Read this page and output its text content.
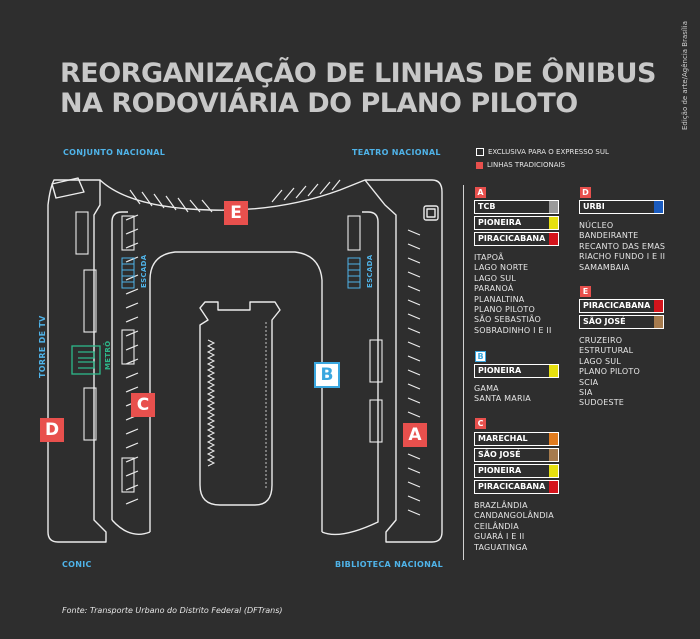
REORGANIZAÇÃO DE LINHAS DE ÔNIBUS
NA RODOVIÁRIA DO PLANO PILOTO	Edição de arte/Agência Brasília
CONJUNTO NACIONAL	TEATRO NACIONAL
TORRE DE TV
CONIC	BIBLIOTECA NACIONAL
ESCADA	ESCADA
METRÔ
A
B
C
D
E
EXCLUSIVA PARA O EXPRESSO SUL
LINHAS TRADICIONAIS
A
TCB
PIONEIRA
PIRACICABANA
ITAPOÃ
LAGO NORTE
LAGO SUL
PARANOÁ
PLANALTINA
PLANO PILOTO
SÃO SEBASTIÃO
SOBRADINHO I E II
B
PIONEIRA
GAMA
SANTA MARIA
C
MARECHAL
SÃO JOSÉ
PIONEIRA
PIRACICABANA
BRAZLÂNDIA
CANDANGOLÂNDIA
CEILÂNDIA
GUARÁ I E II
TAGUATINGA
D
URBI
NÚCLEO
BANDEIRANTE
RECANTO DAS EMAS
RIACHO FUNDO I E II
SAMAMBAIA
E
PIRACICABANA
SÃO JOSÉ
CRUZEIRO
ESTRUTURAL
LAGO SUL
PLANO PILOTO
SCIA
SIA
SUDOESTE
Fonte: Transporte Urbano do Distrito Federal (DFTrans)
